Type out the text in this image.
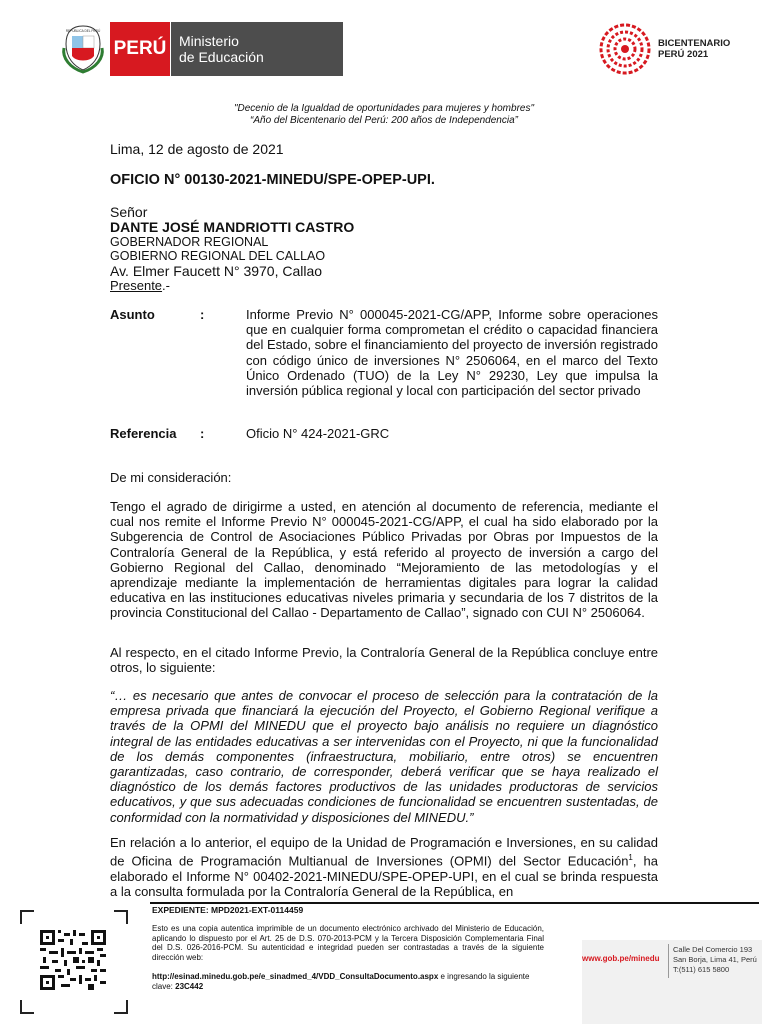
REPÚBLICA DEL PERÚ
PERÚ Ministerio
de Educación
BICENTENARIO
PERÚ 2021
"Decenio de la Igualdad de oportunidades para mujeres y hombres"
“Año del Bicentenario del Perú: 200 años de Independencia”
Lima, 12 de agosto de 2021
OFICIO N° 00130-2021-MINEDU/SPE-OPEP-UPI.
Señor
DANTE JOSÉ MANDRIOTTI CASTRO
GOBERNADOR REGIONAL
GOBIERNO REGIONAL DEL CALLAO
Av. Elmer Faucett N° 3970, Callao
Presente.-
Asunto	:	Informe Previo N° 000045-2021-CG/APP, Informe sobre operaciones que en cualquier forma comprometan el crédito o capacidad financiera del Estado, sobre el financiamiento del proyecto de inversión registrado con código único de inversiones N° 2506064, en el marco del Texto Único Ordenado (TUO) de la Ley N° 29230, Ley que impulsa la inversión pública regional y local con participación del sector privado
Referencia :	Oficio N° 424-2021-GRC
De mi consideración:
Tengo el agrado de dirigirme a usted, en atención al documento de referencia, mediante el cual nos remite el Informe Previo N° 000045-2021-CG/APP, el cual ha sido elaborado por la Subgerencia de Control de Asociaciones Público Privadas por Obras por Impuestos de la Contraloría General de la República, y está referido al proyecto de inversión a cargo del Gobierno Regional del Callao, denominado “Mejoramiento de las metodologías y el aprendizaje mediante la implementación de herramientas digitales para lograr la calidad educativa en las instituciones educativas niveles primaria y secundaria de los 7 distritos de la provincia Constitucional del Callao - Departamento de Callao”, signado con CUI N° 2506064.
Al respecto, en el citado Informe Previo, la Contraloría General de la República concluye entre otros, lo siguiente:
“… es necesario que antes de convocar el proceso de selección para la contratación de la empresa privada que financiará la ejecución del Proyecto, el Gobierno Regional verifique a través de la OPMI del MINEDU que el proyecto bajo análisis no requiere un diagnóstico integral de las entidades educativas a ser intervenidas con el Proyecto, ni que la funcionalidad de los demás componentes (infraestructura, mobiliario, entre otros) se encuentren garantizadas, caso contrario, de corresponder, deberá verificar que se haya realizado el diagnóstico de los demás factores productivos de las unidades productoras de servicios educativos, y que sus adecuadas condiciones de funcionalidad se encuentren sustentadas, de conformidad con la normatividad y disposiciones del MINEDU.”
En relación a lo anterior, el equipo de la Unidad de Programación e Inversiones, en su calidad de Oficina de Programación Multianual de Inversiones (OPMI) del Sector Educación$^1$, ha elaborado el Informe N° 00402-2021-MINEDU/SPE-OPEP-UPI, en el cual se brinda respuesta a la consulta formulada por la Contraloría General de la República, en
EXPEDIENTE: MPD2021-EXT-0114459
Esto es una copia autentica imprimible de un documento electrónico archivado del Ministerio de Educación, aplicando lo dispuesto por el Art. 25 de D.S. 070-2013-PCM y la Tercera Disposición Complementaria Final del D.S. 026-2016-PCM. Su autenticidad e integridad pueden ser contrastadas a través de la siguiente dirección web:
http://esinad.minedu.gob.pe/e_sinadmed_4/VDD_ConsultaDocumento.aspx e ingresando la siguiente clave: 23C442
www.gob.pe/minedu
Calle Del Comercio 193
San Borja, Lima 41, Perú
T:(511) 615 5800
